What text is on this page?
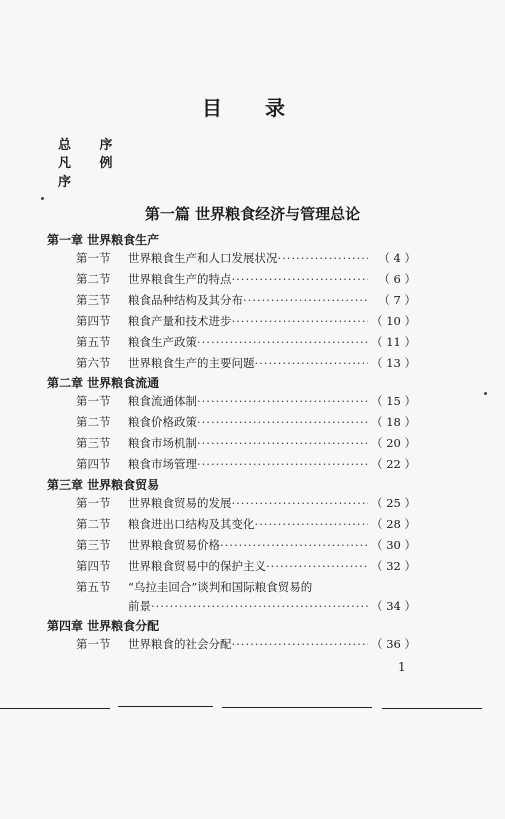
目 录
总 序
凡 例
序
第一篇 世界粮食经济与管理总论
第一章 世界粮食生产
第一节	世界粮食生产和人口发展状况 ·····	（ 4 ）
第二节	世界粮食生产的特点 ·····	（ 6 ）
第三节	粮食品种结构及其分布 ·····	（ 7 ）
第四节	粮食产量和技术进步 ·····	（ 10 ）
第五节	粮食生产政策 ·····	（ 11 ）
第六节	世界粮食生产的主要问题 ·····	（ 13 ）
第二章 世界粮食流通
第一节	粮食流通体制 ·····	（ 15 ）
第二节	粮食价格政策 ·····	（ 18 ）
第三节	粮食市场机制 ·····	（ 20 ）
第四节	粮食市场管理 ·····	（ 22 ）
第三章 世界粮食贸易
第一节	世界粮食贸易的发展 ·····	（ 25 ）
第二节	粮食进出口结构及其变化 ·····	（ 28 ）
第三节	世界粮食贸易价格 ·····	（ 30 ）
第四节	世界粮食贸易中的保护主义 ·····	（ 32 ）
第五节	“乌拉圭回合”谈判和国际粮食贸易的
前景 ·····	（ 34 ）
第四章 世界粮食分配
第一节	世界粮食的社会分配 ·····	（ 36 ）
1
